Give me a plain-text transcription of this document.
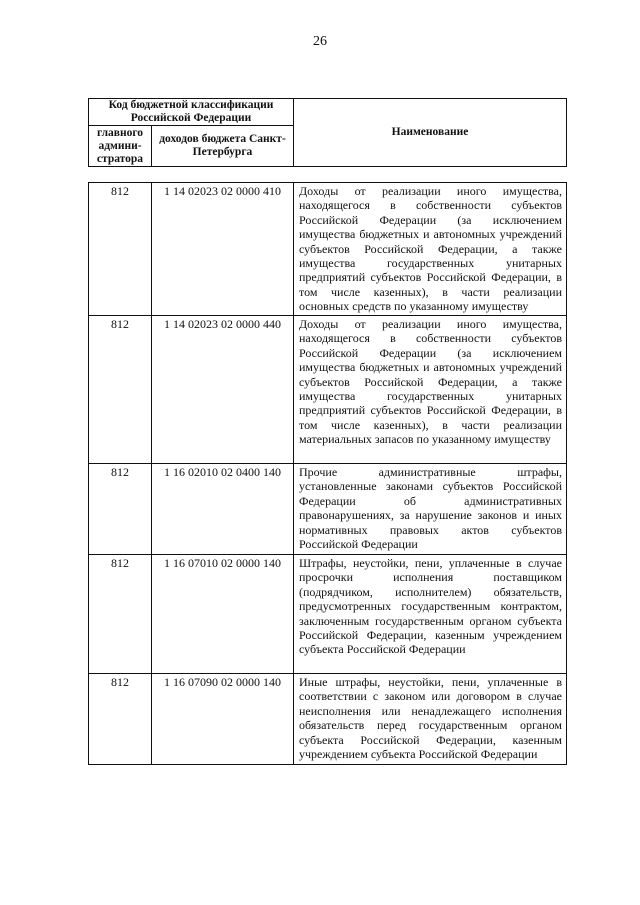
26
Код бюджетной классификации Российской Федерации		Наименование
главного админи-стратора	доходов бюджета Санкт-Петербурга	
812	1 14 02023 02 0000 410	Доходы от реализации иного имущества, находящегося в собственности субъектов Российской Федерации (за исключением имущества бюджетных и автономных учреждений субъектов Российской Федерации, а также имущества государственных унитарных предприятий субъектов Российской Федерации, в том числе казенных), в части реализации основных средств по указанному имуществу
812	1 14 02023 02 0000 440	Доходы от реализации иного имущества, находящегося в собственности субъектов Российской Федерации (за исключением имущества бюджетных и автономных учреждений субъектов Российской Федерации, а также имущества государственных унитарных предприятий субъектов Российской Федерации, в том числе казенных), в части реализации материальных запасов по указанному имуществу
812	1 16 02010 02 0400 140	Прочие административные штрафы, установленные законами субъектов Российской Федерации об административных правонарушениях, за нарушение законов и иных нормативных правовых актов субъектов Российской Федерации
812	1 16 07010 02 0000 140	Штрафы, неустойки, пени, уплаченные в случае просрочки исполнения поставщиком (подрядчиком, исполнителем) обязательств, предусмотренных государственным контрактом, заключенным государственным органом субъекта Российской Федерации, казенным учреждением субъекта Российской Федерации
812	1 16 07090 02 0000 140	Иные штрафы, неустойки, пени, уплаченные в соответствии с законом или договором в случае неисполнения или ненадлежащего исполнения обязательств перед государственным органом субъекта Российской Федерации, казенным учреждением субъекта Российской Федерации
